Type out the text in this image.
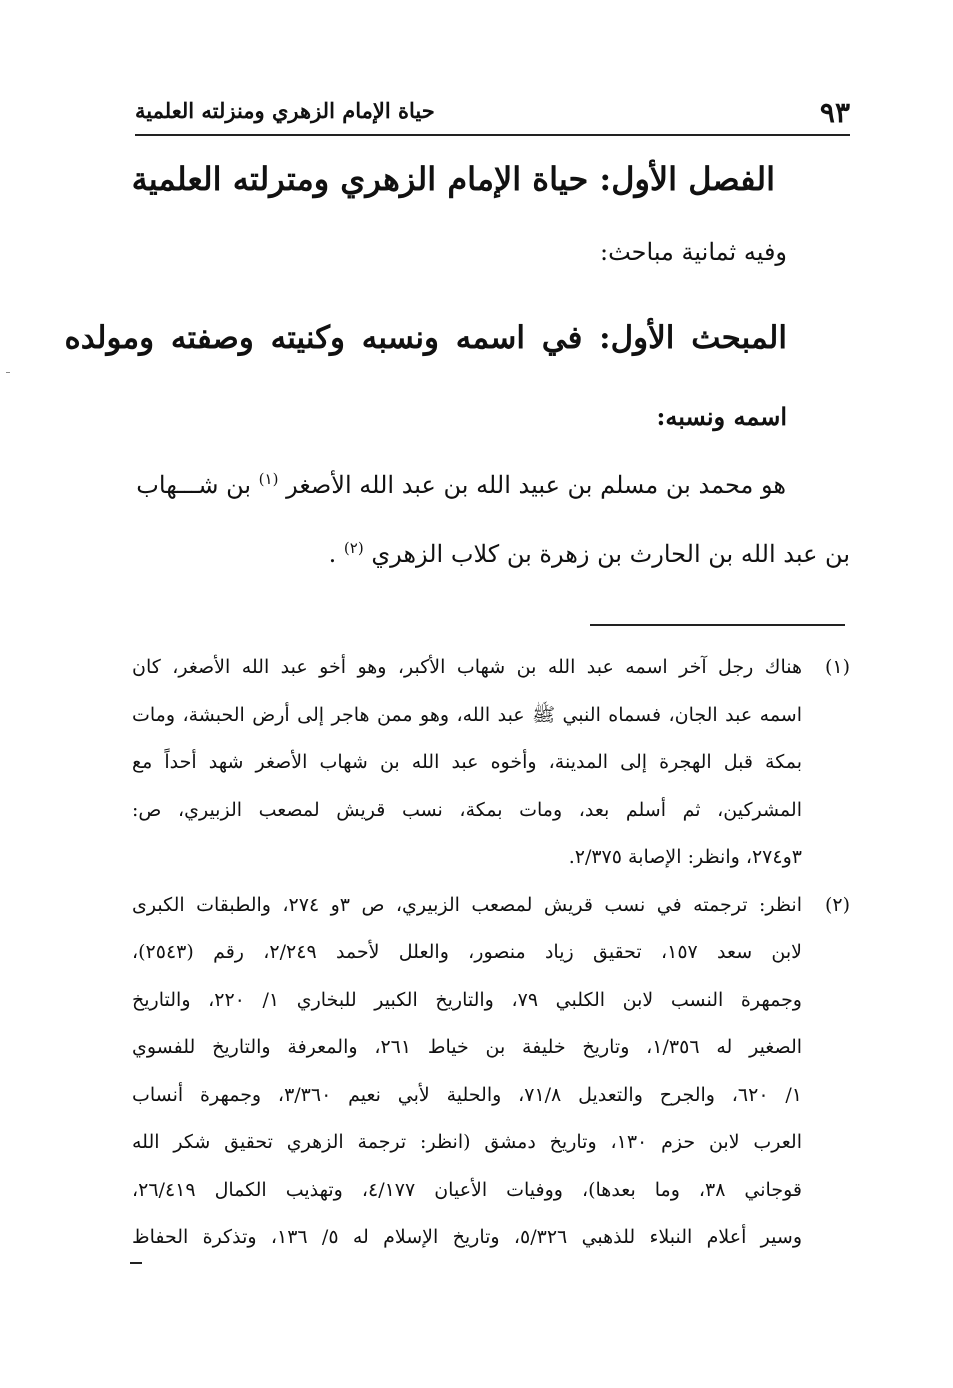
٩٣
حياة الإمام الزهري ومنزلته العلمية
الفصل الأول: حياة الإمام الزهري ومترلته العلمية
وفيه ثمانية مباحث:
المبحث الأول: في اسمه ونسبه وكنيته وصفته ومولده
اسمه ونسبه:
هو محمد بن مسلم بن عبيد الله بن عبد الله الأصغر $^{(١)}$ بن شـــهاب
بن عبد الله بن الحارث بن زهرة بن كلاب الزهري $^{(٢)}$ .
(١)
هناك رجل آخر اسمه عبد الله بن شهاب الأكبر، وهو أخو عبد الله الأصغر، كان
اسمه عبد الجان، فسماه النبي ﷺ عبد الله، وهو ممن هاجر إلى أرض الحبشة، ومات
بمكة قبل الهجرة إلى المدينة، وأخوه عبد الله بن شهاب الأصغر شهد أحداً مع
المشركين، ثم أسلم بعد، ومات بمكة، نسب قريش لمصعب الزبيري، ص:
٣و٢٧٤، وانظر: الإصابة ٢/٣٧٥.
(٢)
انظر: ترجمته في نسب قريش لمصعب الزبيري، ص ٣و ٢٧٤، والطبقات الكبرى
لابن سعد ١٥٧، تحقيق زياد منصور، والعلل لأحمد ٢/٢٤٩، رقم (٢٥٤٣)،
وجمهرة النسب لابن الكلبي ٧٩، والتاريخ الكبير للبخاري ١/ ٢٢٠، والتاريخ
الصغير له ١/٣٥٦، وتاريخ خليفة بن خياط ٢٦١، والمعرفة والتاريخ للفسوي
١/ ٦٢٠، والجرح والتعديل ٧١/٨، والحلية لأبي نعيم ٣/٣٦٠، وجمهرة أنساب
العرب لابن حزم ١٣٠، وتاريخ دمشق (انظر: ترجمة الزهري تحقيق شكر الله
قوجاني ٣٨، وما بعدها)، ووفيات الأعيان ٤/١٧٧، وتهذيب الكمال ٢٦/٤١٩،
وسير أعلام النبلاء للذهبي ٥/٣٢٦، وتاريخ الإسلام له ٥/ ١٣٦، وتذكرة الحفاظ
